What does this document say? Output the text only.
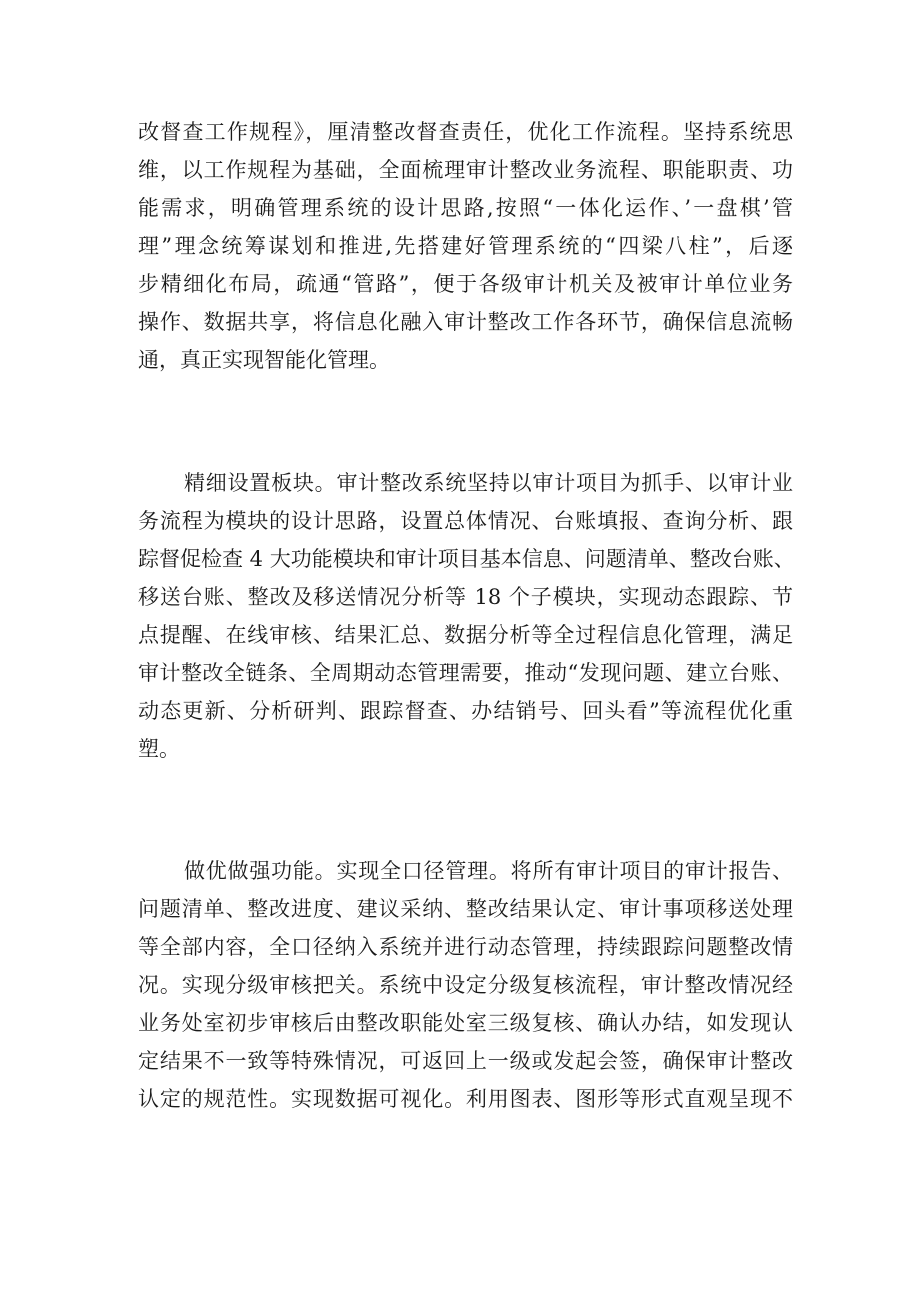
改督查工作规程》，厘清整改督查责任，优化工作流程。坚持系统思
维，以工作规程为基础，全面梳理审计整改业务流程、职能职责、功
能需求，明确管理系统的设计思路,按照“一体化运作、’一盘棋’管
理”理念统筹谋划和推进,先搭建好管理系统的“四梁八柱”，后逐
步精细化布局，疏通“管路”，便于各级审计机关及被审计单位业务
操作、数据共享，将信息化融入审计整改工作各环节，确保信息流畅
通，真正实现智能化管理。
精细设置板块。审计整改系统坚持以审计项目为抓手、以审计业
务流程为模块的设计思路，设置总体情况、台账填报、查询分析、跟
踪督促检查 4 大功能模块和审计项目基本信息、问题清单、整改台账、
移送台账、整改及移送情况分析等 18 个子模块，实现动态跟踪、节
点提醒、在线审核、结果汇总、数据分析等全过程信息化管理，满足
审计整改全链条、全周期动态管理需要，推动“发现问题、建立台账、
动态更新、分析研判、跟踪督查、办结销号、回头看”等流程优化重
塑。
做优做强功能。实现全口径管理。将所有审计项目的审计报告、
问题清单、整改进度、建议采纳、整改结果认定、审计事项移送处理
等全部内容，全口径纳入系统并进行动态管理，持续跟踪问题整改情
况。实现分级审核把关。系统中设定分级复核流程，审计整改情况经
业务处室初步审核后由整改职能处室三级复核、确认办结，如发现认
定结果不一致等特殊情况，可返回上一级或发起会签，确保审计整改
认定的规范性。实现数据可视化。利用图表、图形等形式直观呈现不
